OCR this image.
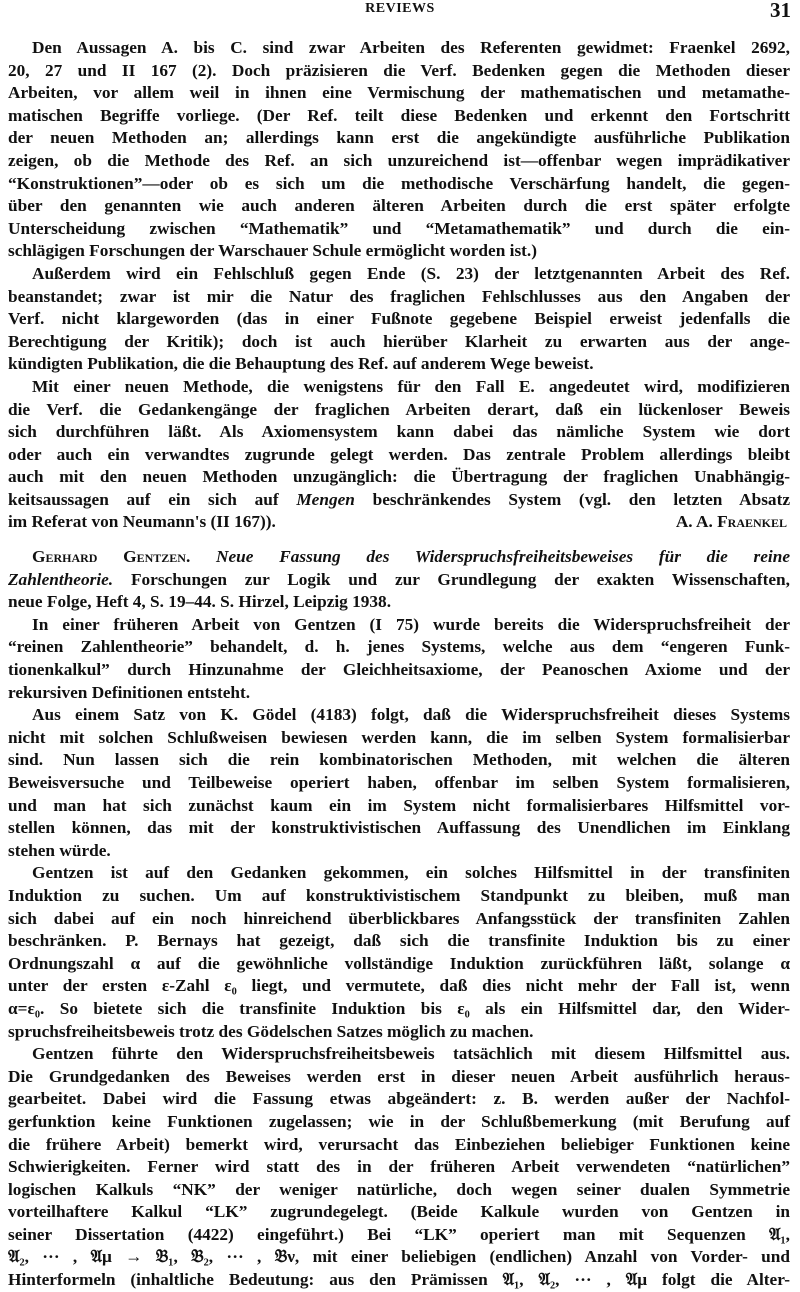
REVIEWS	31
Den Aussagen A. bis C. sind zwar Arbeiten des Referenten gewidmet: Fraenkel 2692,
20, 27 und II 167 (2). Doch präzisieren die Verf. Bedenken gegen die Methoden dieser
Arbeiten, vor allem weil in ihnen eine Vermischung der mathematischen und metamathe-
matischen Begriffe vorliege. (Der Ref. teilt diese Bedenken und erkennt den Fortschritt
der neuen Methoden an; allerdings kann erst die angekündigte ausführliche Publikation
zeigen, ob die Methode des Ref. an sich unzureichend ist—offenbar wegen imprädikativer
“Konstruktionen”—oder ob es sich um die methodische Verschärfung handelt, die gegen-
über den genannten wie auch anderen älteren Arbeiten durch die erst später erfolgte
Unterscheidung zwischen “Mathematik” und “Metamathematik” und durch die ein-
schlägigen Forschungen der Warschauer Schule ermöglicht worden ist.)
Außerdem wird ein Fehlschluß gegen Ende (S. 23) der letztgenannten Arbeit des Ref.
beanstandet; zwar ist mir die Natur des fraglichen Fehlschlusses aus den Angaben der
Verf. nicht klargeworden (das in einer Fußnote gegebene Beispiel erweist jedenfalls die
Berechtigung der Kritik); doch ist auch hierüber Klarheit zu erwarten aus der ange-
kündigten Publikation, die die Behauptung des Ref. auf anderem Wege beweist.
Mit einer neuen Methode, die wenigstens für den Fall E. angedeutet wird, modifizieren
die Verf. die Gedankengänge der fraglichen Arbeiten derart, daß ein lückenloser Beweis
sich durchführen läßt. Als Axiomensystem kann dabei das nämliche System wie dort
oder auch ein verwandtes zugrunde gelegt werden. Das zentrale Problem allerdings bleibt
auch mit den neuen Methoden unzugänglich: die Übertragung der fraglichen Unabhängig-
keitsaussagen auf ein sich auf Mengen beschränkendes System (vgl. den letzten Absatz
im Referat von Neumann's (II 167)).	A. A. Fraenkel
Gerhard Gentzen. Neue Fassung des Widerspruchsfreiheitsbeweises für die reine
Zahlentheorie. Forschungen zur Logik und zur Grundlegung der exakten Wissenschaften,
neue Folge, Heft 4, S. 19–44. S. Hirzel, Leipzig 1938.
In einer früheren Arbeit von Gentzen (I 75) wurde bereits die Widerspruchsfreiheit der
“reinen Zahlentheorie” behandelt, d. h. jenes Systems, welche aus dem “engeren Funk-
tionenkalkul” durch Hinzunahme der Gleichheitsaxiome, der Peanoschen Axiome und der
rekursiven Definitionen entsteht.
Aus einem Satz von K. Gödel (4183) folgt, daß die Widerspruchsfreiheit dieses Systems
nicht mit solchen Schlußweisen bewiesen werden kann, die im selben System formalisierbar
sind. Nun lassen sich die rein kombinatorischen Methoden, mit welchen die älteren
Beweisversuche und Teilbeweise operiert haben, offenbar im selben System formalisieren,
und man hat sich zunächst kaum ein im System nicht formalisierbares Hilfsmittel vor-
stellen können, das mit der konstruktivistischen Auffassung des Unendlichen im Einklang
stehen würde.
Gentzen ist auf den Gedanken gekommen, ein solches Hilfsmittel in der transfiniten
Induktion zu suchen. Um auf konstruktivistischem Standpunkt zu bleiben, muß man
sich dabei auf ein noch hinreichend überblickbares Anfangsstück der transfiniten Zahlen
beschränken. P. Bernays hat gezeigt, daß sich die transfinite Induktion bis zu einer
Ordnungszahl α auf die gewöhnliche vollständige Induktion zurückführen läßt, solange α
unter der ersten ε-Zahl ε₀ liegt, und vermutete, daß dies nicht mehr der Fall ist, wenn
α=ε₀. So bietete sich die transfinite Induktion bis ε₀ als ein Hilfsmittel dar, den Wider-
spruchsfreiheitsbeweis trotz des Gödelschen Satzes möglich zu machen.
Gentzen führte den Widerspruchsfreiheitsbeweis tatsächlich mit diesem Hilfsmittel aus.
Die Grundgedanken des Beweises werden erst in dieser neuen Arbeit ausführlich heraus-
gearbeitet. Dabei wird die Fassung etwas abgeändert: z. B. werden außer der Nachfol-
gerfunktion keine Funktionen zugelassen; wie in der Schlußbemerkung (mit Berufung auf
die frühere Arbeit) bemerkt wird, verursacht das Einbeziehen beliebiger Funktionen keine
Schwierigkeiten. Ferner wird statt des in der früheren Arbeit verwendeten “natürlichen”
logischen Kalkuls “NK” der weniger natürliche, doch wegen seiner dualen Symmetrie
vorteilhaftere Kalkul “LK” zugrundegelegt. (Beide Kalkule wurden von Gentzen in
seiner Dissertation (4422) eingeführt.) Bei “LK” operiert man mit Sequenzen 𝔄₁,
𝔄₂, ··· , 𝔄μ → 𝔅₁, 𝔅₂, ··· , 𝔅ν, mit einer beliebigen (endlichen) Anzahl von Vorder- und
Hinterformeln (inhaltliche Bedeutung: aus den Prämissen 𝔄₁, 𝔄₂, ··· , 𝔄μ folgt die Alter-
